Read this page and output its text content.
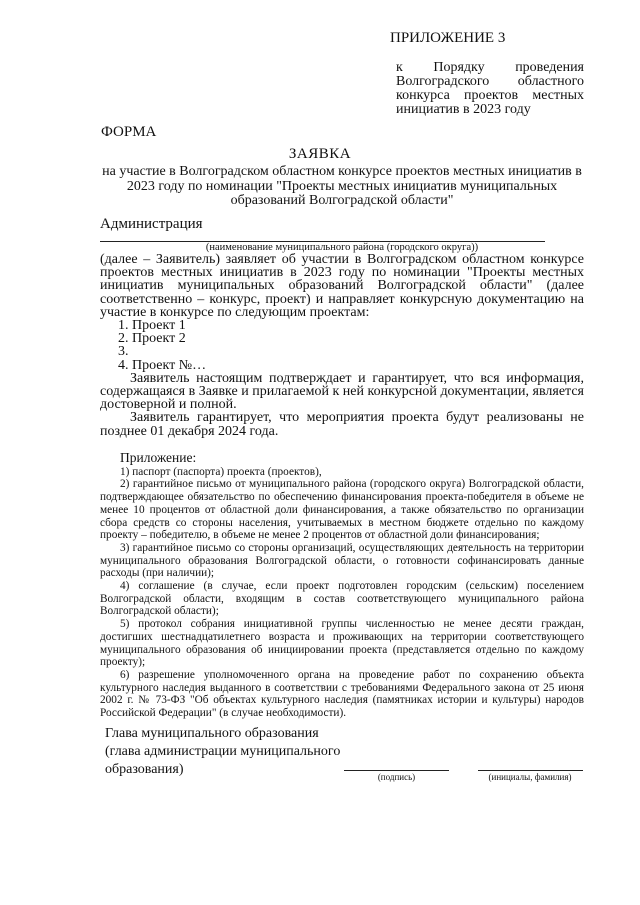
ПРИЛОЖЕНИЕ 3
к Порядку проведения Волгоградского областного конкурса проектов местных инициатив в 2023 году
ФОРМА
ЗАЯВКА
на участие в Волгоградском областном конкурсе проектов местных инициатив в 2023 году по номинации "Проекты местных инициатив муниципальных образований Волгоградской области"
Администрация
(наименование муниципального района (городского округа))

(далее – Заявитель) заявляет об участии в Волгоградском областном конкурсе проектов местных инициатив в 2023 году по номинации "Проекты местных инициатив муниципальных образований Волгоградской области" (далее соответственно – конкурс, проект) и направляет конкурсную документацию на участие в конкурсе по следующим проектам:

1. Проект 1
2. Проект 2
3.
4. Проект №…

Заявитель настоящим подтверждает и гарантирует, что вся информация, содержащаяся в Заявке и прилагаемой к ней конкурсной документации, является достоверной и полной.

Заявитель гарантирует, что мероприятия проекта будут реализованы не позднее 01 декабря 2024 года.

Приложение:

1) паспорт (паспорта) проекта (проектов),

2) гарантийное письмо от муниципального района (городского округа) Волгоградской области, подтверждающее обязательство по обеспечению финансирования проекта-победителя в объеме не менее 10 процентов от областной доли финансирования, а также обязательство по организации сбора средств со стороны населения, учитываемых в местном бюджете отдельно по каждому проекту – победителю, в объеме не менее 2 процентов от областной доли финансирования;

3) гарантийное письмо со стороны организаций, осуществляющих деятельность на территории муниципального образования Волгоградской области, о готовности софинансировать данные расходы (при наличии);

4) соглашение (в случае, если проект подготовлен городским (сельским) поселением Волгоградской области, входящим в состав соответствующего муниципального района Волгоградской области);

5) протокол собрания инициативной группы численностью не менее десяти граждан, достигших шестнадцатилетнего возраста и проживающих на территории соответствующего муниципального образования об инициировании проекта (представляется отдельно по каждому проекту);

6) разрешение уполномоченного органа на проведение работ по сохранению объекта культурного наследия выданного в соответствии с требованиями Федерального закона от 25 июня 2002 г. № 73-ФЗ "Об объектах культурного наследия (памятниках истории и культуры) народов Российской Федерации" (в случае необходимости).

Глава муниципального образования (глава администрации муниципального образования)	(подпись)	(инициалы, фамилия)
